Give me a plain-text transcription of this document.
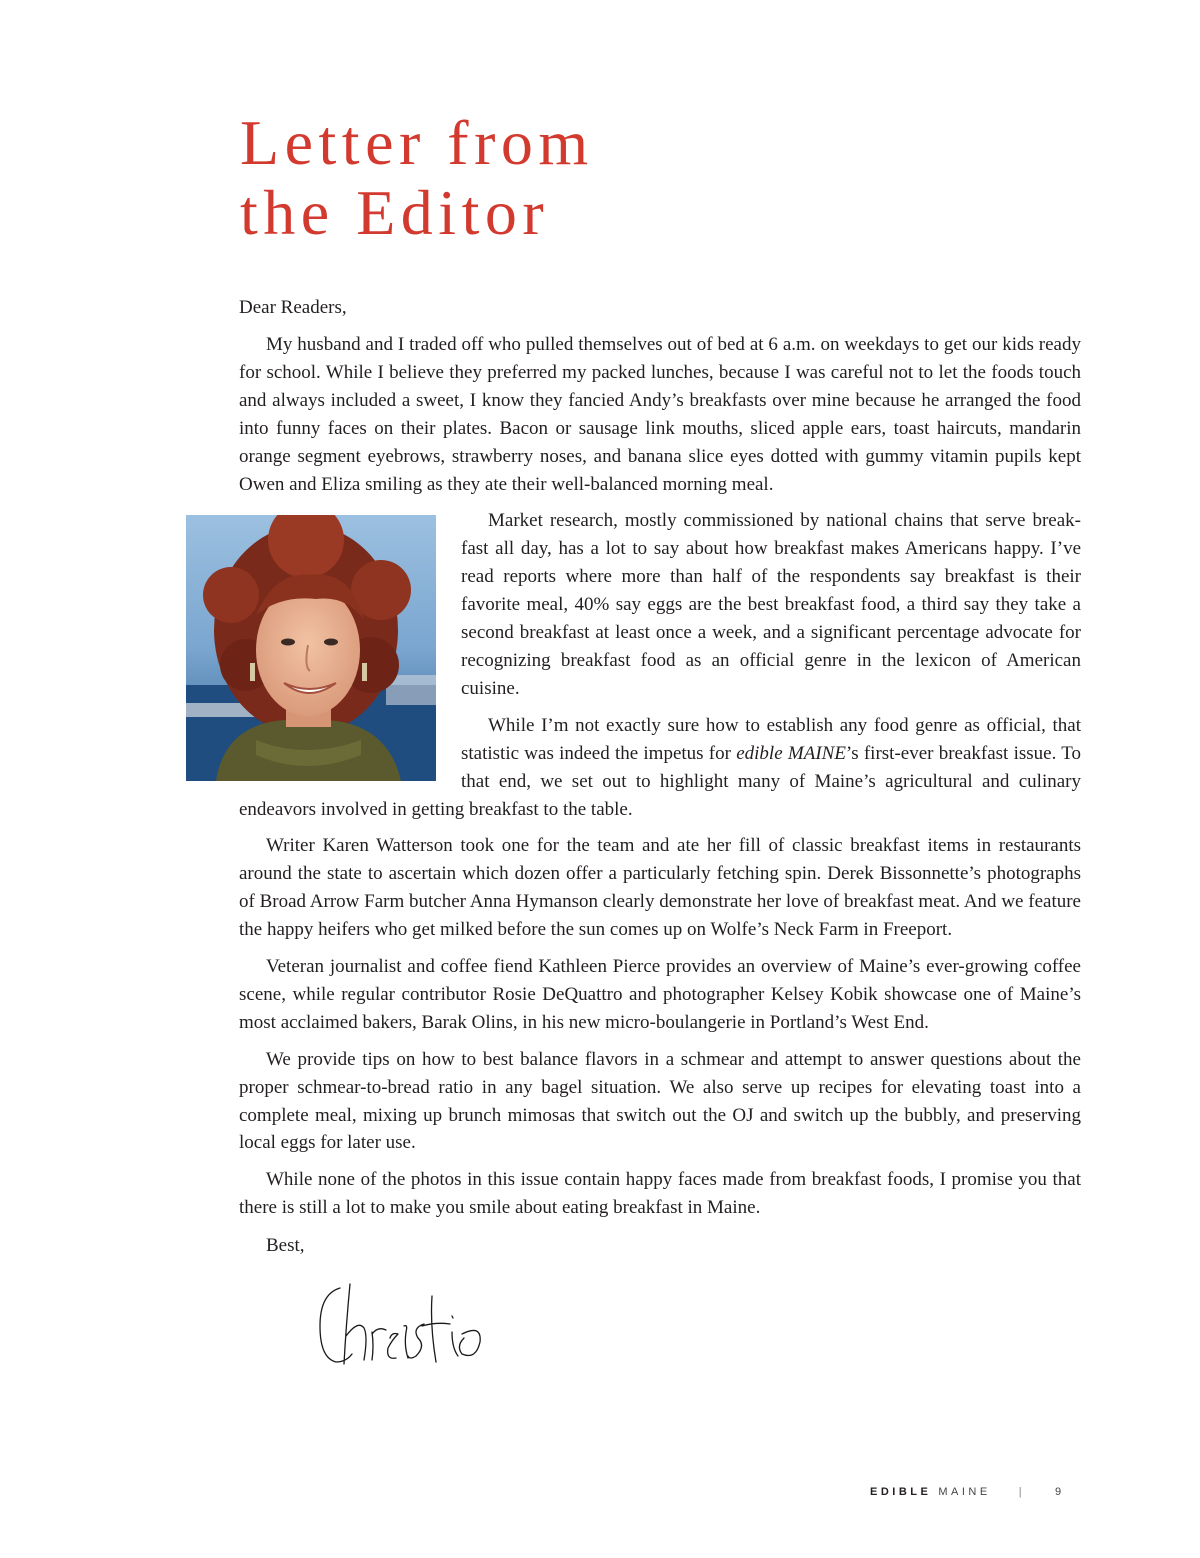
Letter from
the Editor

Dear Readers,

My husband and I traded off who pulled themselves out of bed at 6 a.m. on weekdays to get our kids ready for school. While I believe they preferred my packed lunches, because I was careful not to let the foods touch and always included a sweet, I know they fancied Andy’s breakfasts over mine because he arranged the food into funny faces on their plates. Bacon or sausage link mouths, sliced apple ears, toast haircuts, mandarin orange segment eyebrows, strawberry noses, and banana slice eyes dotted with gummy vitamin pupils kept Owen and Eliza smiling as they ate their well-balanced morning meal.

Market research, mostly commissioned by national chains that serve breakfast all day, has a lot to say about how breakfast makes Americans happy. I’ve read reports where more than half of the respondents say breakfast is their favorite meal, 40% say eggs are the best breakfast food, a third say they take a second breakfast at least once a week, and a significant percentage advocate for recognizing breakfast food as an official genre in the lexicon of American cuisine.

While I’m not exactly sure how to establish any food genre as official, that statistic was indeed the impetus for edible MAINE’s first-ever breakfast issue. To that end, we set out to highlight many of Maine’s agricultural and culinary endeavors involved in getting breakfast to the table.

Writer Karen Watterson took one for the team and ate her fill of classic breakfast items in restaurants around the state to ascertain which dozen offer a particularly fetching spin. Derek Bissonnette’s photographs of Broad Arrow Farm butcher Anna Hymanson clearly demonstrate her love of breakfast meat. And we feature the happy heifers who get milked before the sun comes up on Wolfe’s Neck Farm in Freeport.

Veteran journalist and coffee fiend Kathleen Pierce provides an overview of Maine’s ever-growing coffee scene, while regular contributor Rosie DeQuattro and photographer Kelsey Kobik showcase one of Maine’s most acclaimed bakers, Barak Olins, in his new micro-boulangerie in Portland’s West End.

We provide tips on how to best balance flavors in a schmear and attempt to answer questions about the proper schmear-to-bread ratio in any bagel situation. We also serve up recipes for elevating toast into a complete meal, mixing up brunch mimosas that switch out the OJ and switch up the bubbly, and preserving local eggs for later use.

While none of the photos in this issue contain happy faces made from breakfast foods, I promise you that there is still a lot to make you smile about eating breakfast in Maine.

Best,

EDIBLE MAINE	|	9
